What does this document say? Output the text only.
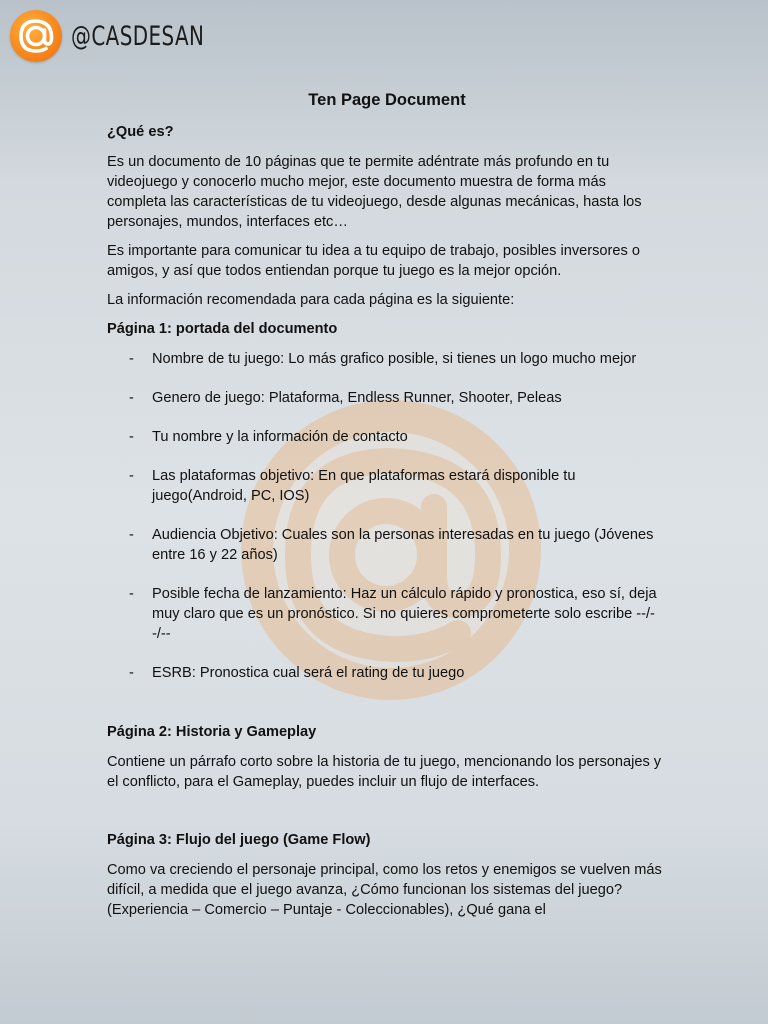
@CASDESAN
Ten Page Document

¿Qué es?

Es un documento de 10 páginas que te permite adéntrate más profundo en tu videojuego y conocerlo mucho mejor, este documento muestra de forma más completa las características de tu videojuego, desde algunas mecánicas, hasta los personajes, mundos, interfaces etc…

Es importante para comunicar tu idea a tu equipo de trabajo, posibles inversores o amigos, y así que todos entiendan porque tu juego es la mejor opción.

La información recomendada para cada página es la siguiente:

Página 1: portada del documento

- Nombre de tu juego: Lo más grafico posible, si tienes un logo mucho mejor
- Genero de juego: Plataforma, Endless Runner, Shooter, Peleas
- Tu nombre y la información de contacto
- Las plataformas objetivo: En que plataformas estará disponible tu juego(Android, PC, IOS)
- Audiencia Objetivo: Cuales son la personas interesadas en tu juego (Jóvenes entre 16 y 22 años)
- Posible fecha de lanzamiento: Haz un cálculo rápido y pronostica, eso sí, deja muy claro que es un pronóstico. Si no quieres comprometerte solo escribe --/--/--
- ESRB: Pronostica cual será el rating de tu juego

Página 2: Historia y Gameplay

Contiene un párrafo corto sobre la historia de tu juego, mencionando los personajes y el conflicto, para el Gameplay, puedes incluir un flujo de interfaces.

Página 3: Flujo del juego (Game Flow)

Como va creciendo el personaje principal, como los retos y enemigos se vuelven más difícil, a medida que el juego avanza, ¿Cómo funcionan los sistemas del juego? (Experiencia – Comercio – Puntaje - Coleccionables), ¿Qué gana el
